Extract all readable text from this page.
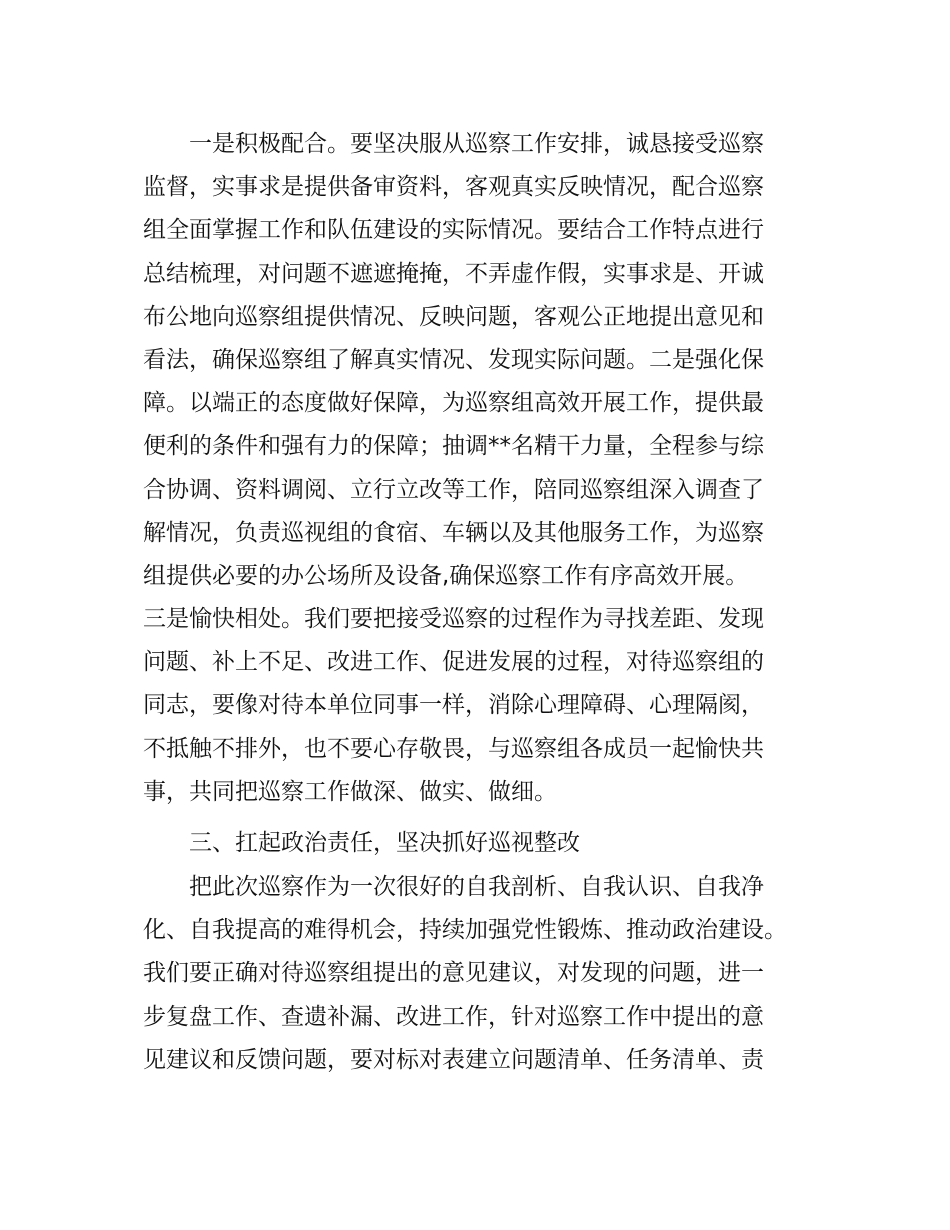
　　一是积极配合。要坚决服从巡察工作安排，诚恳接受巡察
监督，实事求是提供备审资料，客观真实反映情况，配合巡察
组全面掌握工作和队伍建设的实际情况。要结合工作特点进行
总结梳理，对问题不遮遮掩掩，不弄虚作假，实事求是、开诚
布公地向巡察组提供情况、反映问题，客观公正地提出意见和
看法，确保巡察组了解真实情况、发现实际问题。二是强化保
障。以端正的态度做好保障，为巡察组高效开展工作，提供最
便利的条件和强有力的保障；抽调**名精干力量，全程参与综
合协调、资料调阅、立行立改等工作，陪同巡察组深入调查了
解情况，负责巡视组的食宿、车辆以及其他服务工作，为巡察
组提供必要的办公场所及设备,确保巡察工作有序高效开展。
三是愉快相处。我们要把接受巡察的过程作为寻找差距、发现
问题、补上不足、改进工作、促进发展的过程，对待巡察组的
同志，要像对待本单位同事一样，消除心理障碍、心理隔阂，
不抵触不排外，也不要心存敬畏，与巡察组各成员一起愉快共
事，共同把巡察工作做深、做实、做细。
　　三、扛起政治责任，坚决抓好巡视整改
　　把此次巡察作为一次很好的自我剖析、自我认识、自我净
化、自我提高的难得机会，持续加强党性锻炼、推动政治建设。
我们要正确对待巡察组提出的意见建议，对发现的问题，进一
步复盘工作、查遗补漏、改进工作，针对巡察工作中提出的意
见建议和反馈问题，要对标对表建立问题清单、任务清单、责
